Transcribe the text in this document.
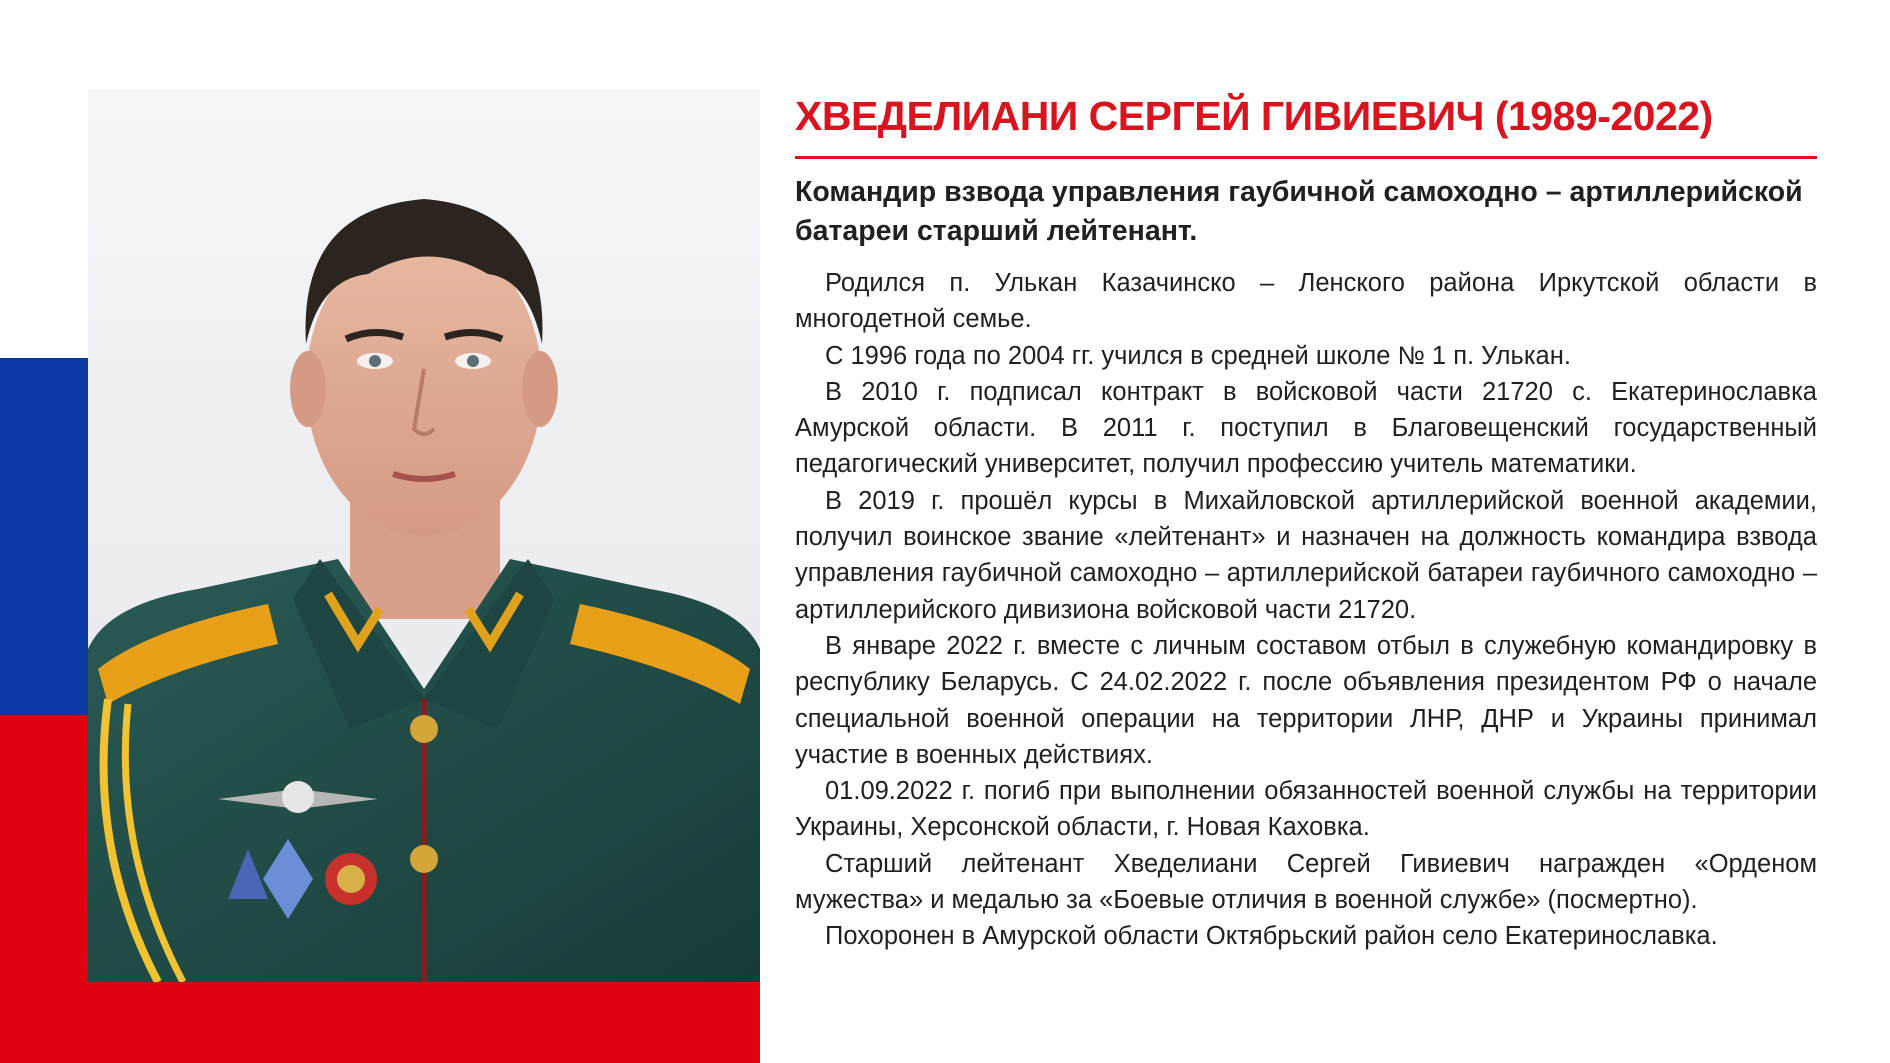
ХВЕДЕЛИАНИ СЕРГЕЙ ГИВИЕВИЧ (1989-2022)
Командир взвода управления гаубичной самоходно – артиллерийской батареи старший лейтенант.

Родился п. Улькан Казачинско – Ленского района Иркутской области в многодетной семье.

С 1996 года по 2004 гг. учился в средней школе № 1 п. Улькан.

В 2010 г. подписал контракт в войсковой части 21720 с. Екатеринославка Амурской области. В 2011 г. поступил в Благовещенский государственный педагогический университет, получил профессию учитель математики.

В 2019 г. прошёл курсы в Михайловской артиллерийской военной академии, получил воинское звание «лейтенант» и назначен на должность командира взвода управления гаубичной самоходно – артиллерийской батареи гаубичного самоходно – артиллерийского дивизиона войсковой части 21720.

В январе 2022 г. вместе с личным составом отбыл в служебную командировку в республику Беларусь. С 24.02.2022 г. после объявления президентом РФ о начале специальной военной операции на территории ЛНР, ДНР и Украины принимал участие в военных действиях.

01.09.2022 г. погиб при выполнении обязанностей военной службы на территории Украины, Херсонской области, г. Новая Каховка.

Старший лейтенант Хведелиани Сергей Гивиевич награжден «Орденом мужества» и медалью за «Боевые отличия в военной службе» (посмертно).

Похоронен в Амурской области Октябрьский район село Екатеринославка.
